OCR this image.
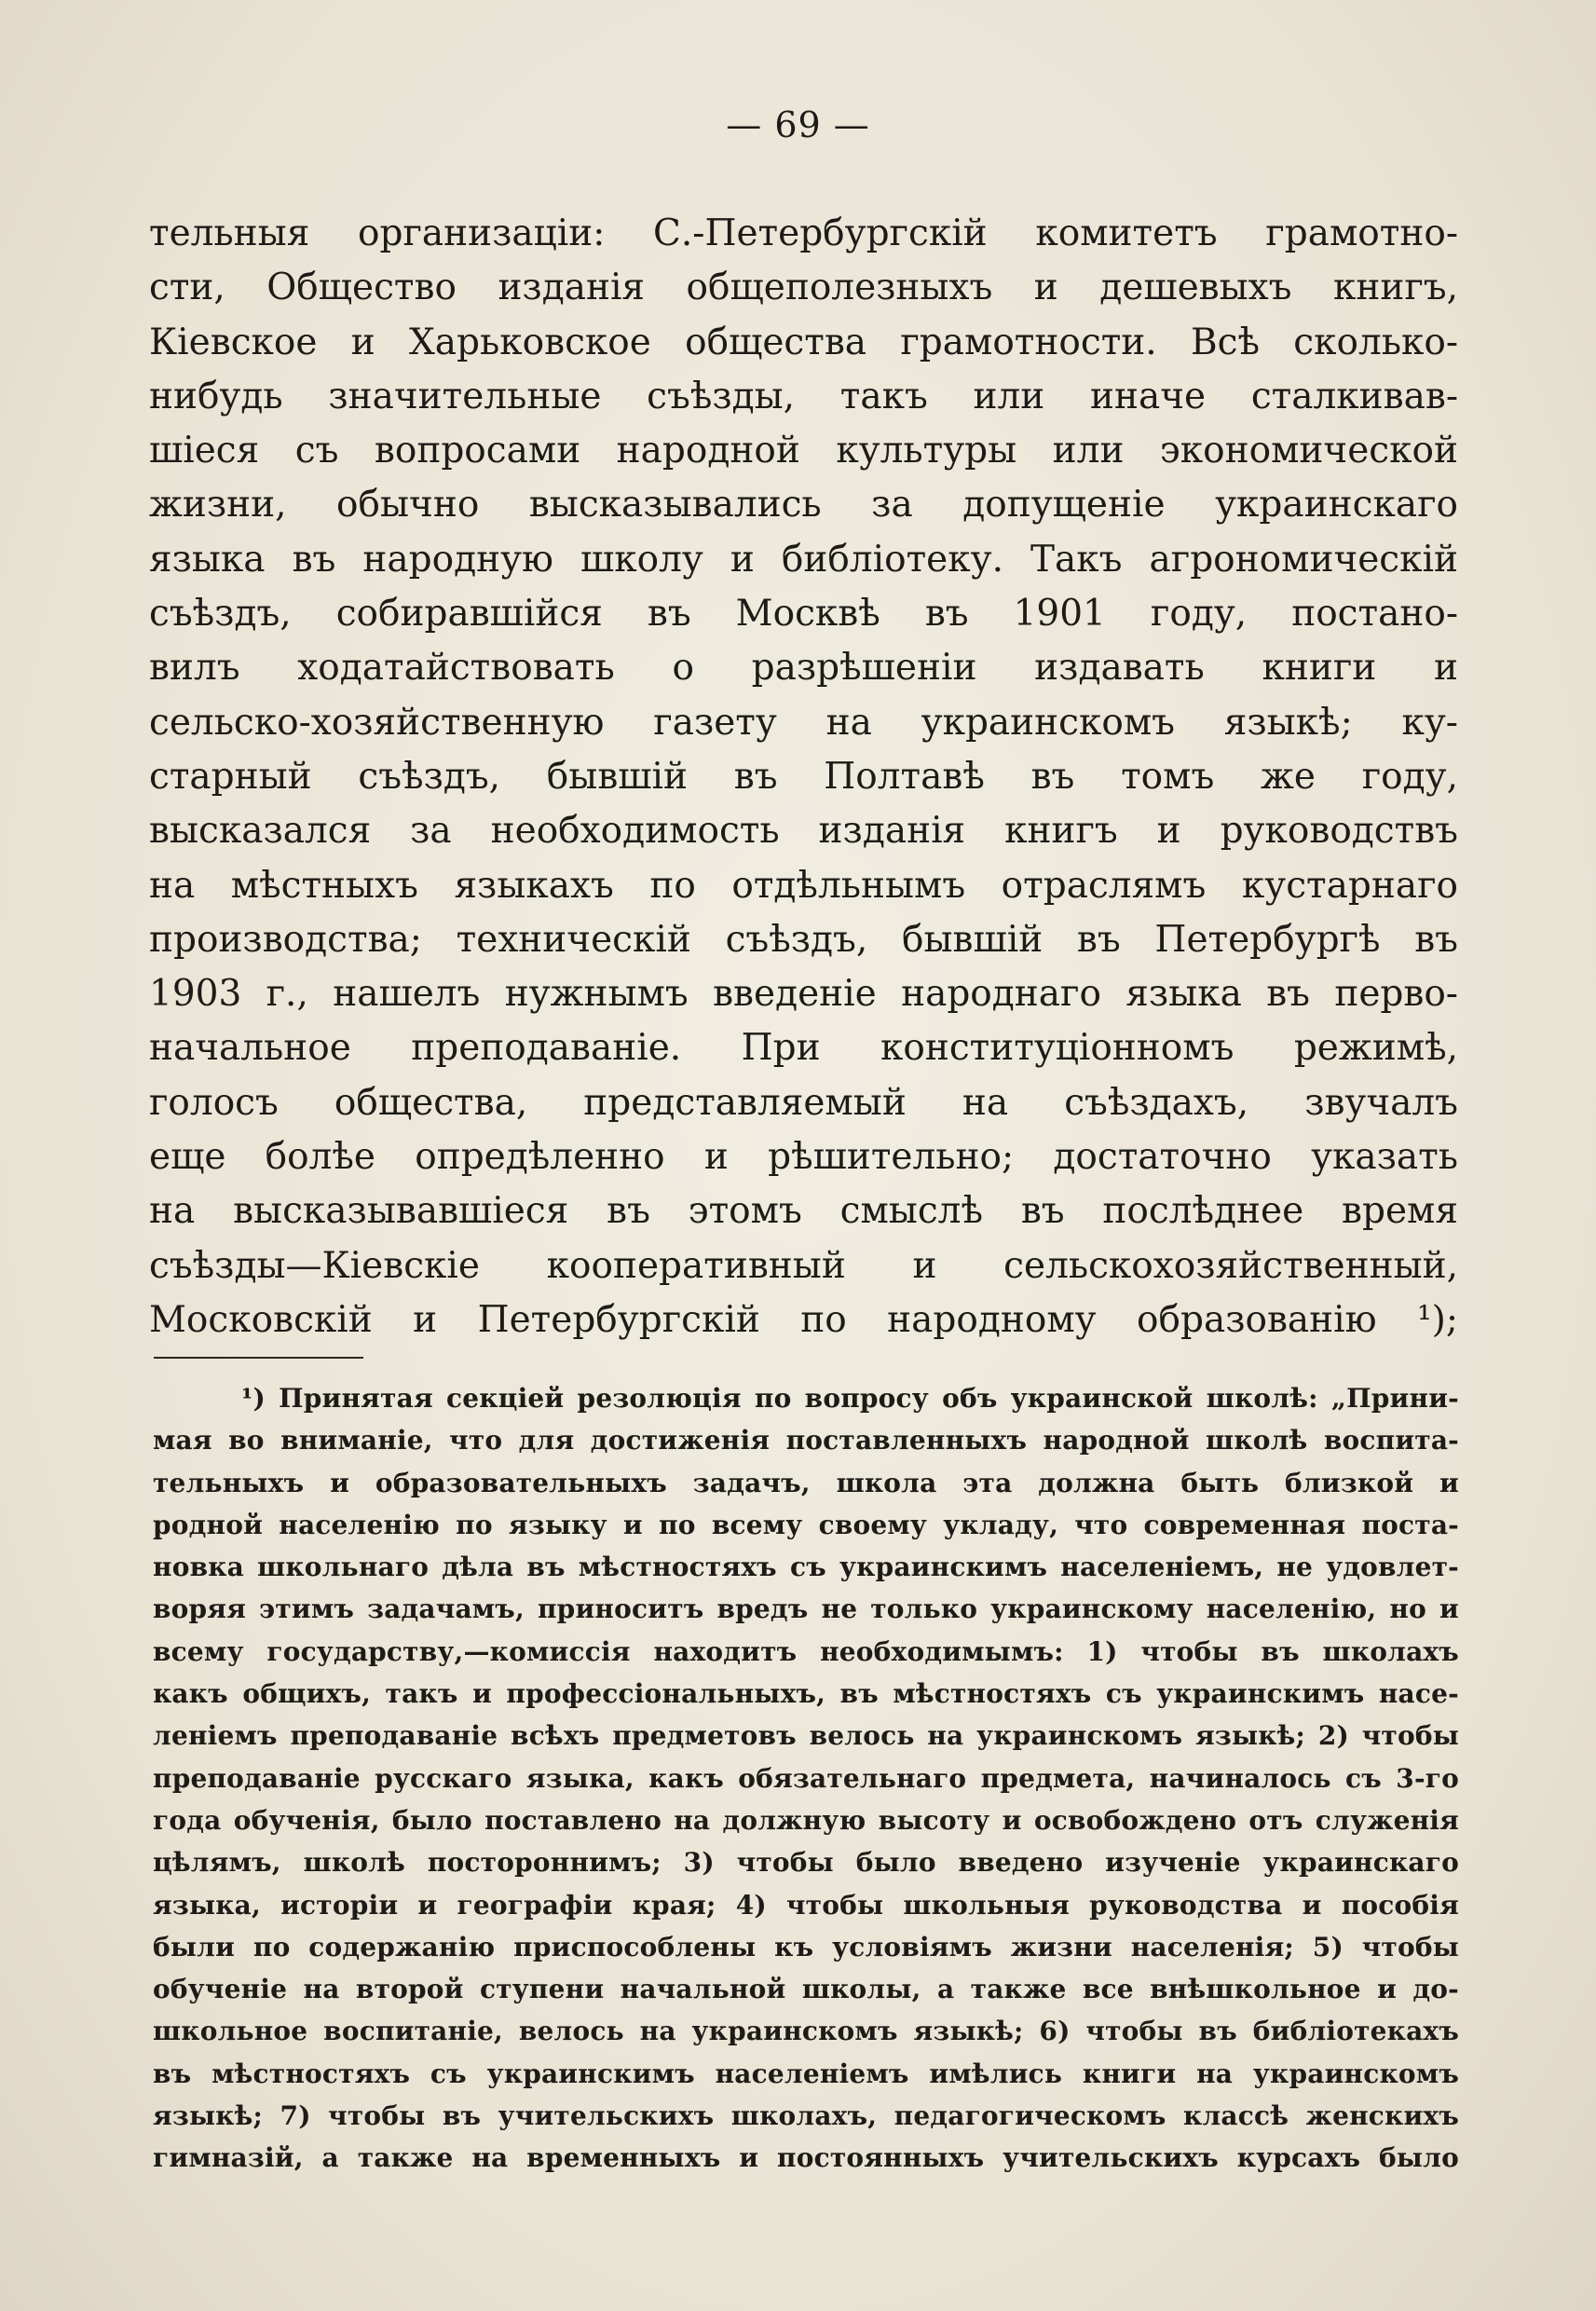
— 69 —
тельныя организацiи: С.-Петербургскiй комитетъ грамотно-
сти, Общество изданiя общеполезныхъ и дешевыхъ книгъ,
Кiевское и Харьковское общества грамотности. Всѣ сколько-
нибудь значительные съѣзды, такъ или иначе сталкивав-
шiеся съ вопросами народной культуры или экономической
жизни, обычно высказывались за допущенiе украинскаго
языка въ народную школу и библiотеку. Такъ агрономическiй
съѣздъ, собиравшiйся въ Москвѣ въ 1901 году, постано-
вилъ ходатайствовать о разрѣшенiи издавать книги и
сельско-хозяйственную газету на украинскомъ языкѣ; ку-
старный съѣздъ, бывшiй въ Полтавѣ въ томъ же году,
высказался за необходимость изданiя книгъ и руководствъ
на мѣстныхъ языкахъ по отдѣльнымъ отраслямъ кустарнаго
производства; техническiй съѣздъ, бывшiй въ Петербургѣ въ
1903 г., нашелъ нужнымъ введенiе народнаго языка въ перво-
начальное преподаванiе. При конституцiонномъ режимѣ,
голосъ общества, представляемый на съѣздахъ, звучалъ
еще болѣе опредѣленно и рѣшительно; достаточно указать
на высказывавшiеся въ этомъ смыслѣ въ послѣднее время
съѣзды—Кiевскiе кооперативный и сельскохозяйственный,
Московскiй и Петербургскiй по народному образованiю ¹);
¹) Принятая секцiей резолюцiя по вопросу объ украинской школѣ: „Прини-
мая во вниманiе, что для достиженiя поставленныхъ народной школѣ воспита-
тельныхъ и образовательныхъ задачъ, школа эта должна быть близкой и
родной населенiю по языку и по всему своему укладу, что современная поста-
новка школьнаго дѣла въ мѣстностяхъ съ украинскимъ населенiемъ, не удовлет-
воряя этимъ задачамъ, приноситъ вредъ не только украинскому населенiю, но и
всему государству,—комиссiя находитъ необходимымъ: 1) чтобы въ школахъ
какъ общихъ, такъ и профессiональныхъ, въ мѣстностяхъ съ украинскимъ насе-
ленiемъ преподаванiе всѣхъ предметовъ велось на украинскомъ языкѣ; 2) чтобы
преподаванiе русскаго языка, какъ обязательнаго предмета, начиналось съ 3-го
года обученiя, было поставлено на должную высоту и освобождено отъ служенiя
цѣлямъ, школѣ постороннимъ; 3) чтобы было введено изученiе украинскаго
языка, исторiи и географiи края; 4) чтобы школьныя руководства и пособiя
были по содержанiю приспособлены къ условiямъ жизни населенiя; 5) чтобы
обученiе на второй ступени начальной школы, а также все внѣшкольное и до-
школьное воспитанiе, велось на украинскомъ языкѣ; 6) чтобы въ библiотекахъ
въ мѣстностяхъ съ украинскимъ населенiемъ имѣлись книги на украинскомъ
языкѣ; 7) чтобы въ учительскихъ школахъ, педагогическомъ классѣ женскихъ
гимназiй, а также на временныхъ и постоянныхъ учительскихъ курсахъ было
